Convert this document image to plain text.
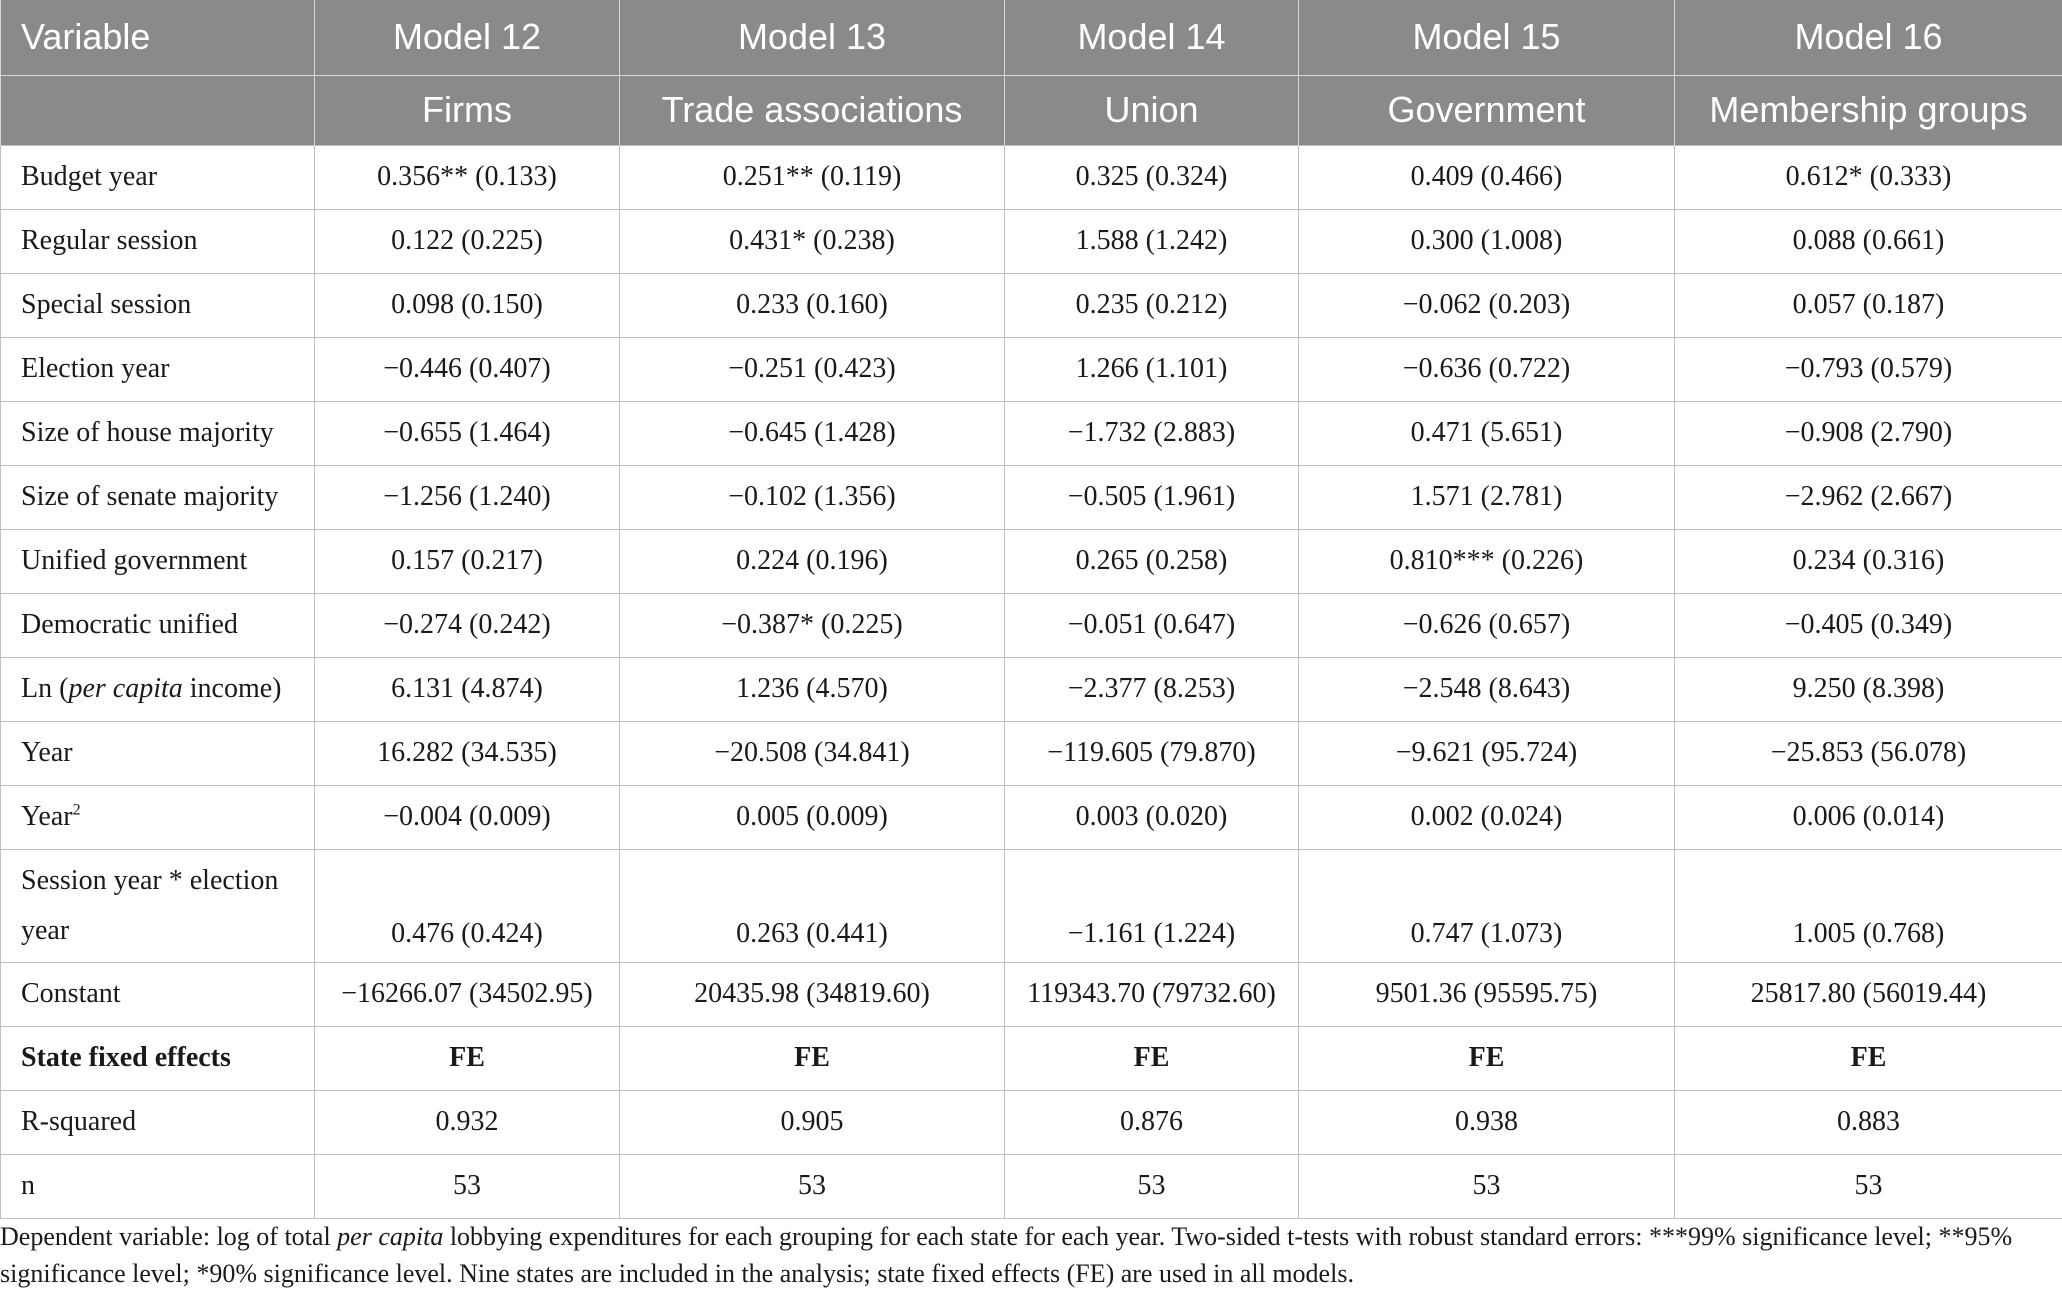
Variable	Model 12	Model 13	Model 14	Model 15	Model 16
	Firms	Trade associations	Union	Government	Membership groups
Budget year	0.356** (0.133)	0.251** (0.119)	0.325 (0.324)	0.409 (0.466)	0.612* (0.333)
Regular session	0.122 (0.225)	0.431* (0.238)	1.588 (1.242)	0.300 (1.008)	0.088 (0.661)
Special session	0.098 (0.150)	0.233 (0.160)	0.235 (0.212)	−0.062 (0.203)	0.057 (0.187)
Election year	−0.446 (0.407)	−0.251 (0.423)	1.266 (1.101)	−0.636 (0.722)	−0.793 (0.579)
Size of house majority	−0.655 (1.464)	−0.645 (1.428)	−1.732 (2.883)	0.471 (5.651)	−0.908 (2.790)
Size of senate majority	−1.256 (1.240)	−0.102 (1.356)	−0.505 (1.961)	1.571 (2.781)	−2.962 (2.667)
Unified government	0.157 (0.217)	0.224 (0.196)	0.265 (0.258)	0.810*** (0.226)	0.234 (0.316)
Democratic unified	−0.274 (0.242)	−0.387* (0.225)	−0.051 (0.647)	−0.626 (0.657)	−0.405 (0.349)
Ln (per capita income)	6.131 (4.874)	1.236 (4.570)	−2.377 (8.253)	−2.548 (8.643)	9.250 (8.398)
Year	16.282 (34.535)	−20.508 (34.841)	−119.605 (79.870)	−9.621 (95.724)	−25.853 (56.078)
Year$^2$	−0.004 (0.009)	0.005 (0.009)	0.003 (0.020)	0.002 (0.024)	0.006 (0.014)
Session year * election year	0.476 (0.424)	0.263 (0.441)	−1.161 (1.224)	0.747 (1.073)	1.005 (0.768)
Constant	−16266.07 (34502.95)	20435.98 (34819.60)	119343.70 (79732.60)	9501.36 (95595.75)	25817.80 (56019.44)
State fixed effects	FE	FE	FE	FE	FE
R-squared	0.932	0.905	0.876	0.938	0.883
n	53	53	53	53	53
Dependent variable: log of total per capita lobbying expenditures for each grouping for each state for each year. Two-sided t-tests with robust standard errors: ***99% significance level; **95% significance level; *90% significance level. Nine states are included in the analysis; state fixed effects (FE) are used in all models.
